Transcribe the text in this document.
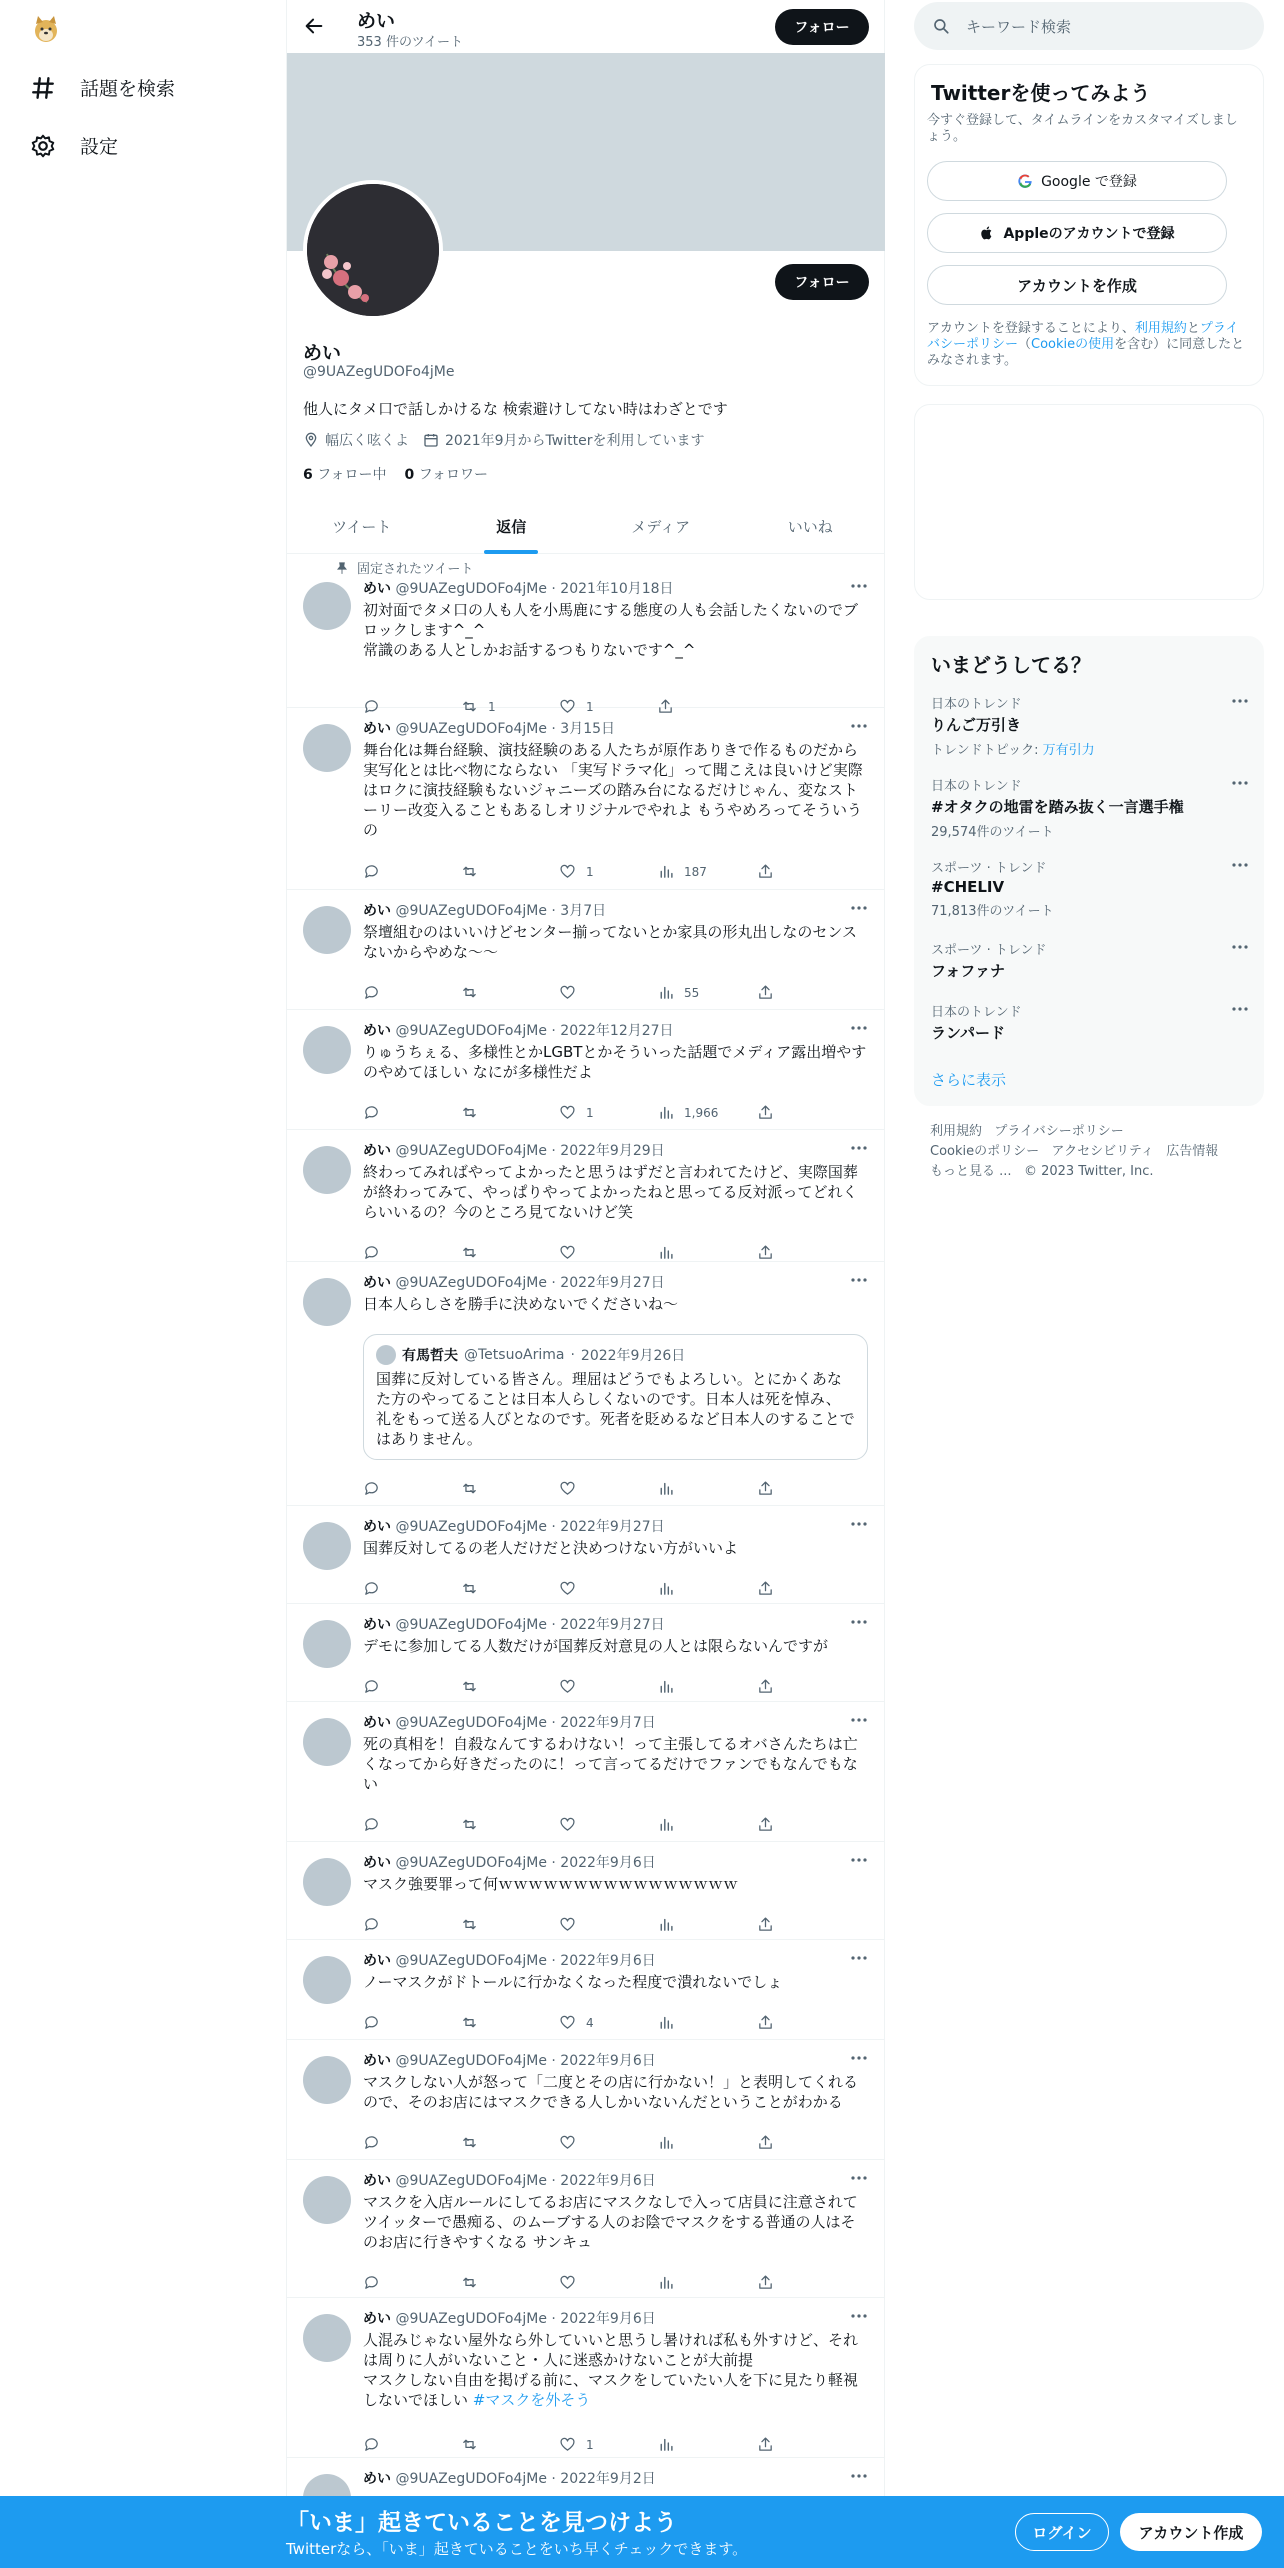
話題を検索
設定
めい
353 件のツイート
フォロー
フォロー
めい
@9UAZegUDOFo4jMe
他人にタメ口で話しかけるな 検索避けしてない時はわざとです
幅広く呟くよ	2021年9月からTwitterを利用しています
6 フォロー中 0 フォロワー
ツイート	返信	メディア	いいね
固定されたツイート
めい @9UAZegUDOFo4jMe · 2021年10月18日
初対面でタメ口の人も人を小馬鹿にする態度の人も会話したくないのでブロックします^_^
常識のある人としかお話するつもりないです^_^
1	1
めい @9UAZegUDOFo4jMe · 3月15日
舞台化は舞台経験、演技経験のある人たちが原作ありきで作るものだから実写化とは比べ物にならない 「実写ドラマ化」って聞こえは良いけど実際はロクに演技経験もないジャニーズの踏み台になるだけじゃん、変なストーリー改変入ることもあるしオリジナルでやれよ もうやめろってそういうの
1	187
めい @9UAZegUDOFo4jMe · 3月7日
祭壇組むのはいいけどセンター揃ってないとか家具の形丸出しなのセンスないからやめな〜〜
55
めい @9UAZegUDOFo4jMe · 2022年12月27日
りゅうちぇる、多様性とかLGBTとかそういった話題でメディア露出増やすのやめてほしい なにが多様性だよ
1	1,966
めい @9UAZegUDOFo4jMe · 2022年9月29日
終わってみればやってよかったと思うはずだと言われてたけど、実際国葬が終わってみて、やっぱりやってよかったねと思ってる反対派ってどれくらいいるの？今のところ見てないけど笑
めい @9UAZegUDOFo4jMe · 2022年9月27日
日本人らしさを勝手に決めないでくださいね〜
有馬哲夫 @TetsuoArima · 2022年9月26日
国葬に反対している皆さん。理屈はどうでもよろしい。とにかくあなた方のやってることは日本人らしくないのです。日本人は死を悼み、礼をもって送る人びとなのです。死者を貶めるなど日本人のすることではありません。
めい @9UAZegUDOFo4jMe · 2022年9月27日
国葬反対してるの老人だけだと決めつけない方がいいよ
めい @9UAZegUDOFo4jMe · 2022年9月27日
デモに参加してる人数だけが国葬反対意見の人とは限らないんですが
めい @9UAZegUDOFo4jMe · 2022年9月7日
死の真相を！自殺なんてするわけない！って主張してるオバさんたちは亡くなってから好きだったのに！って言ってるだけでファンでもなんでもない
めい @9UAZegUDOFo4jMe · 2022年9月6日
マスク強要罪って何ｗｗｗｗｗｗｗｗｗｗｗｗｗｗｗｗ
めい @9UAZegUDOFo4jMe · 2022年9月6日
ノーマスクがドトールに行かなくなった程度で潰れないでしょ
4
めい @9UAZegUDOFo4jMe · 2022年9月6日
マスクしない人が怒って「二度とその店に行かない！」と表明してくれるので、そのお店にはマスクできる人しかいないんだということがわかる
めい @9UAZegUDOFo4jMe · 2022年9月6日
マスクを入店ルールにしてるお店にマスクなしで入って店員に注意されてツイッターで愚痴る、のムーブする人のお陰でマスクをする普通の人はそのお店に行きやすくなる サンキュ
めい @9UAZegUDOFo4jMe · 2022年9月6日
人混みじゃない屋外なら外していいと思うし暑ければ私も外すけど、それは周りに人がいないこと・人に迷惑かけないことが大前提
マスクしない自由を掲げる前に、マスクをしていたい人を下に見たり軽視しないでほしい #マスクを外そう
1
めい @9UAZegUDOFo4jMe · 2022年9月2日
キーワード検索
Twitterを使ってみよう
今すぐ登録して、タイムラインをカスタマイズしましょう。
Google で登録
Appleのアカウントで登録
アカウントを作成
アカウントを登録することにより、利用規約とプライバシーポリシー（Cookieの使用を含む）に同意したとみなされます。
いまどうしてる？
日本のトレンド
りんご万引き
トレンドトピック: 万有引力
日本のトレンド
#オタクの地雷を踏み抜く一言選手権
29,574件のツイート
スポーツ · トレンド
#CHELIV
71,813件のツイート
スポーツ · トレンド
フォファナ
日本のトレンド
ランパード
さらに表示
利用規約 プライバシーポリシー
Cookieのポリシー アクセシビリティ 広告情報
もっと見る ... © 2023 Twitter, Inc.
「いま」起きていることを見つけよう
Twitterなら、「いま」起きていることをいち早くチェックできます。
ログイン	アカウント作成
